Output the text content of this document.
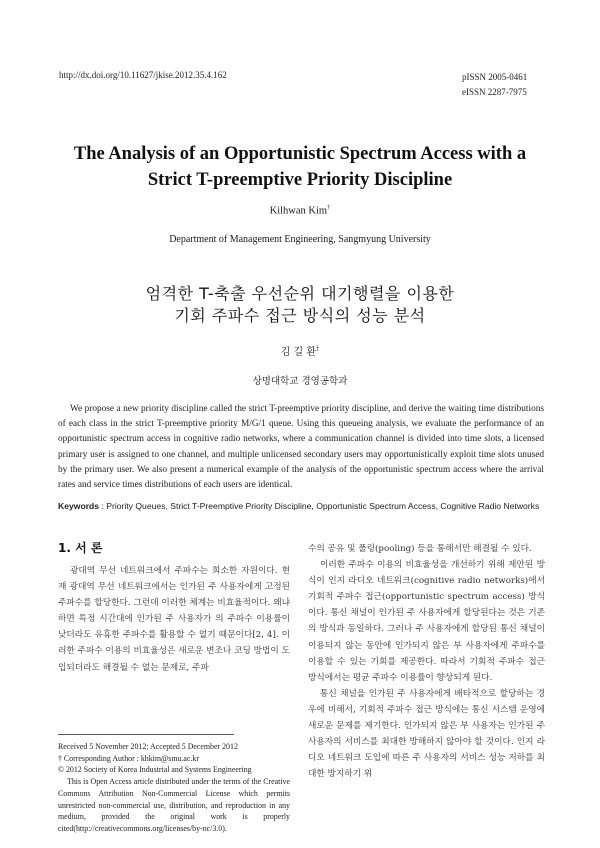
http://dx.doi.org/10.11627/jkise.2012.35.4.162	pISSN 2005-0461
eISSN 2287-7975
The Analysis of an Opportunistic Spectrum Access with a
Strict T-preemptive Priority Discipline
Kilhwan Kim†
Department of Management Engineering, Sangmyung University
엄격한 T-축출 우선순위 대기행렬을 이용한
기회 주파수 접근 방식의 성능 분석
김 길 환†
상명대학교 경영공학과
We propose a new priority discipline called the strict T-preemptive priority discipline, and derive the waiting time distributions of each class in the strict T-preemptive priority M/G/1 queue. Using this queueing analysis, we evaluate the performance of an opportunistic spectrum access in cognitive radio networks, where a communication channel is divided into time slots, a licensed primary user is assigned to one channel, and multiple unlicensed secondary users may opportunistically exploit time slots unused by the primary user. We also present a numerical example of the analysis of the opportunistic spectrum access where the arrival rates and service times distributions of each users are identical.
Keywords : Priority Queues, Strict T-Preemptive Priority Discipline, Opportunistic Spectrum Access, Cognitive Radio Networks
1. 서 론

광대역 무선 네트워크에서 주파수는 희소한 자원이다. 현재 광대역 무선 네트워크에서는 인가된 주 사용자에게 고정된 주파수를 할당한다. 그런데 이러한 체계는 비효율적이다. 왜냐하면 특정 시간대에 인가된 주 사용자가 의 주파수 이용률이 낮더라도 유휴한 주파수를 활용할 수 없기 때문이다[2, 4]. 이러한 주파수 이용의 비효율성은 새로운 변조나 코딩 방법이 도입되더라도 해결될 수 없는 문제로, 주파

수의 공유 및 풀링(pooling) 등을 통해서만 해결될 수 있다.

이러한 주파수 이용의 비효율성을 개선하기 위해 제안된 방식이 인지 라디오 네트워크(cognitive radio networks)에서 기회적 주파수 접근(opportunistic spectrum access) 방식이다. 통신 채널이 인가된 주 사용자에게 할당된다는 것은 기존의 방식과 동일하다. 그러나 주 사용자에게 할당된 통신 채널이 이용되지 않는 동안에 인가되지 않은 부 사용자에게 주파수를 이용할 수 있는 기회를 제공한다. 따라서 기회적 주파수 접근 방식에서는 평균 주파수 이용률이 향상되게 된다.

통신 채널을 인가된 주 사용자에게 배타적으로 할당하는 경우에 비해서, 기회적 주파수 접근 방식에는 통신 시스템 운영에 새로운 문제를 제기한다. 인가되지 않은 부 사용자는 인가된 주 사용자의 서비스를 최대한 방해하지 않아야 할 것이다. 인지 라디오 네트워크 도입에 따른 주 사용자의 서비스 성능 저하를 최대한 방지하기 위

Received 5 November 2012; Accepted 5 December 2012
† Corresponding Author : khkim@smu.ac.kr
© 2012 Society of Korea Industrial and Systems Engineering
This is Open Access article distributed under the terms of the Creative Commons Attribution Non-Commercial License which permits unrestricted non-commercial use, distribution, and reproduction in any medium, provided the original work is properly cited(http://creativecommons.org/licenses/by-nc/3.0).
